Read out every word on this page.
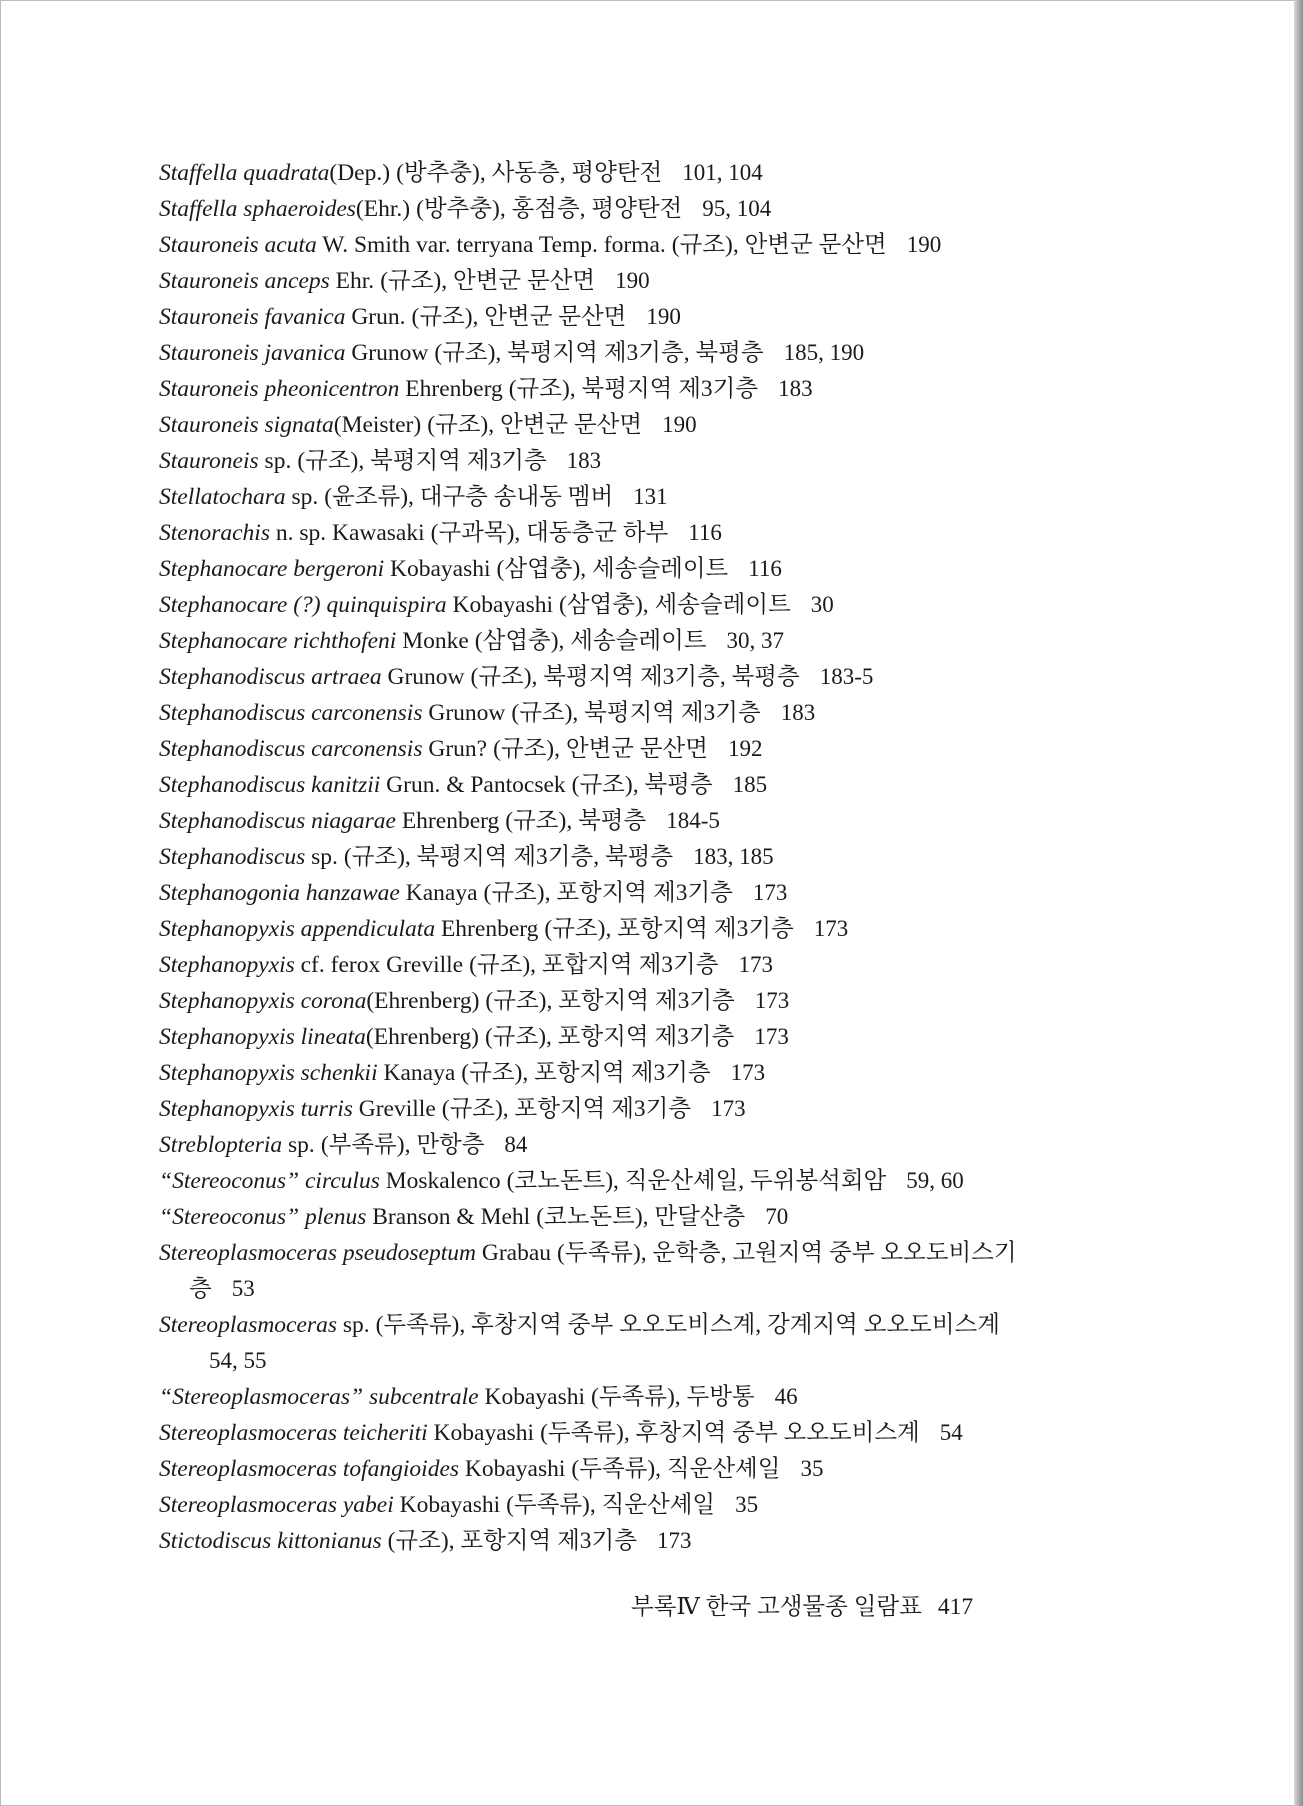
Staffella quadrata(Dep.) (방추충), 사동층, 평양탄전 101, 104
Staffella sphaeroides(Ehr.) (방추충), 홍점층, 평양탄전 95, 104
Stauroneis acuta W. Smith var. terryana Temp. forma. (규조), 안변군 문산면 190
Stauroneis anceps Ehr. (규조), 안변군 문산면 190
Stauroneis favanica Grun. (규조), 안변군 문산면 190
Stauroneis javanica Grunow (규조), 북평지역 제3기층, 북평층 185, 190
Stauroneis pheonicentron Ehrenberg (규조), 북평지역 제3기층 183
Stauroneis signata(Meister) (규조), 안변군 문산면 190
Stauroneis sp. (규조), 북평지역 제3기층 183
Stellatochara sp. (윤조류), 대구층 송내동 멤버 131
Stenorachis n. sp. Kawasaki (구과목), 대동층군 하부 116
Stephanocare bergeroni Kobayashi (삼엽충), 세송슬레이트 116
Stephanocare (?) quinquispira Kobayashi (삼엽충), 세송슬레이트 30
Stephanocare richthofeni Monke (삼엽충), 세송슬레이트 30, 37
Stephanodiscus artraea Grunow (규조), 북평지역 제3기층, 북평층 183-5
Stephanodiscus carconensis Grunow (규조), 북평지역 제3기층 183
Stephanodiscus carconensis Grun? (규조), 안변군 문산면 192
Stephanodiscus kanitzii Grun. & Pantocsek (규조), 북평층 185
Stephanodiscus niagarae Ehrenberg (규조), 북평층 184-5
Stephanodiscus sp. (규조), 북평지역 제3기층, 북평층 183, 185
Stephanogonia hanzawae Kanaya (규조), 포항지역 제3기층 173
Stephanopyxis appendiculata Ehrenberg (규조), 포항지역 제3기층 173
Stephanopyxis cf. ferox Greville (규조), 포합지역 제3기층 173
Stephanopyxis corona(Ehrenberg) (규조), 포항지역 제3기층 173
Stephanopyxis lineata(Ehrenberg) (규조), 포항지역 제3기층 173
Stephanopyxis schenkii Kanaya (규조), 포항지역 제3기층 173
Stephanopyxis turris Greville (규조), 포항지역 제3기층 173
Streblopteria sp. (부족류), 만항층 84
“Stereoconus” circulus Moskalenco (코노돈트), 직운산셰일, 두위봉석회암 59, 60
“Stereoconus” plenus Branson & Mehl (코노돈트), 만달산층 70
Stereoplasmoceras pseudoseptum Grabau (두족류), 운학층, 고원지역 중부 오오도비스기층 53
Stereoplasmoceras sp. (두족류), 후창지역 중부 오오도비스계, 강계지역 오오도비스계54, 55
“Stereoplasmoceras” subcentrale Kobayashi (두족류), 두방통 46
Stereoplasmoceras teicheriti Kobayashi (두족류), 후창지역 중부 오오도비스계 54
Stereoplasmoceras tofangioides Kobayashi (두족류), 직운산셰일 35
Stereoplasmoceras yabei Kobayashi (두족류), 직운산셰일 35
Stictodiscus kittonianus (규조), 포항지역 제3기층 173
부록Ⅳ 한국 고생물종 일람표 417
